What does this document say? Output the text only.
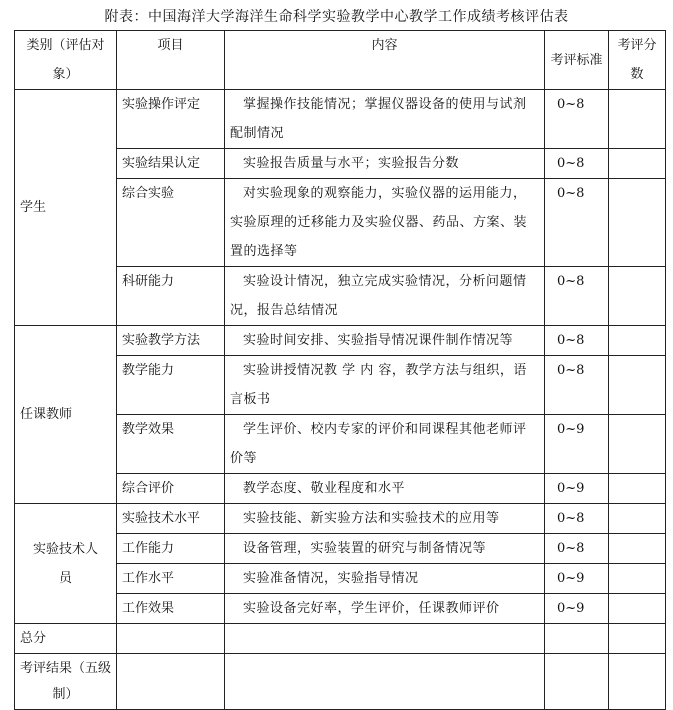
附表：中国海洋大学海洋生命科学实验教学中心教学工作成绩考核评估表
类别（评估对象）	项目	内容	考评标准	考评分数
学生	实验操作评定	掌握操作技能情况；掌握仪器设备的使用与试剂配制情况	0~8	
	实验结果认定	实验报告质量与水平；实验报告分数	0~8	
	综合实验	对实验现象的观察能力，实验仪器的运用能力，实验原理的迁移能力及实验仪器、药品、方案、装置的选择等	0~8	
	科研能力	实验设计情况，独立完成实验情况，分析问题情况，报告总结情况	0~8	
任课教师	实验教学方法	实验时间安排、实验指导情况课件制作情况等	0~8	
	教学能力	实验讲授情况教 学 内 容，教学方法与组织，语言板书	0~8	
	教学效果	学生评价、校内专家的评价和同课程其他老师评价等	0~9	
	综合评价	教学态度、敬业程度和水平	0~9	
实验技术人员	实验技术水平	实验技能、新实验方法和实验技术的应用等	0~8	
	工作能力	设备管理，实验装置的研究与制备情况等	0~8	
	工作水平	实验准备情况，实验指导情况	0~9	
	工作效果	实验设备完好率，学生评价，任课教师评价	0~9	
总分				
考评结果（五级制）				
